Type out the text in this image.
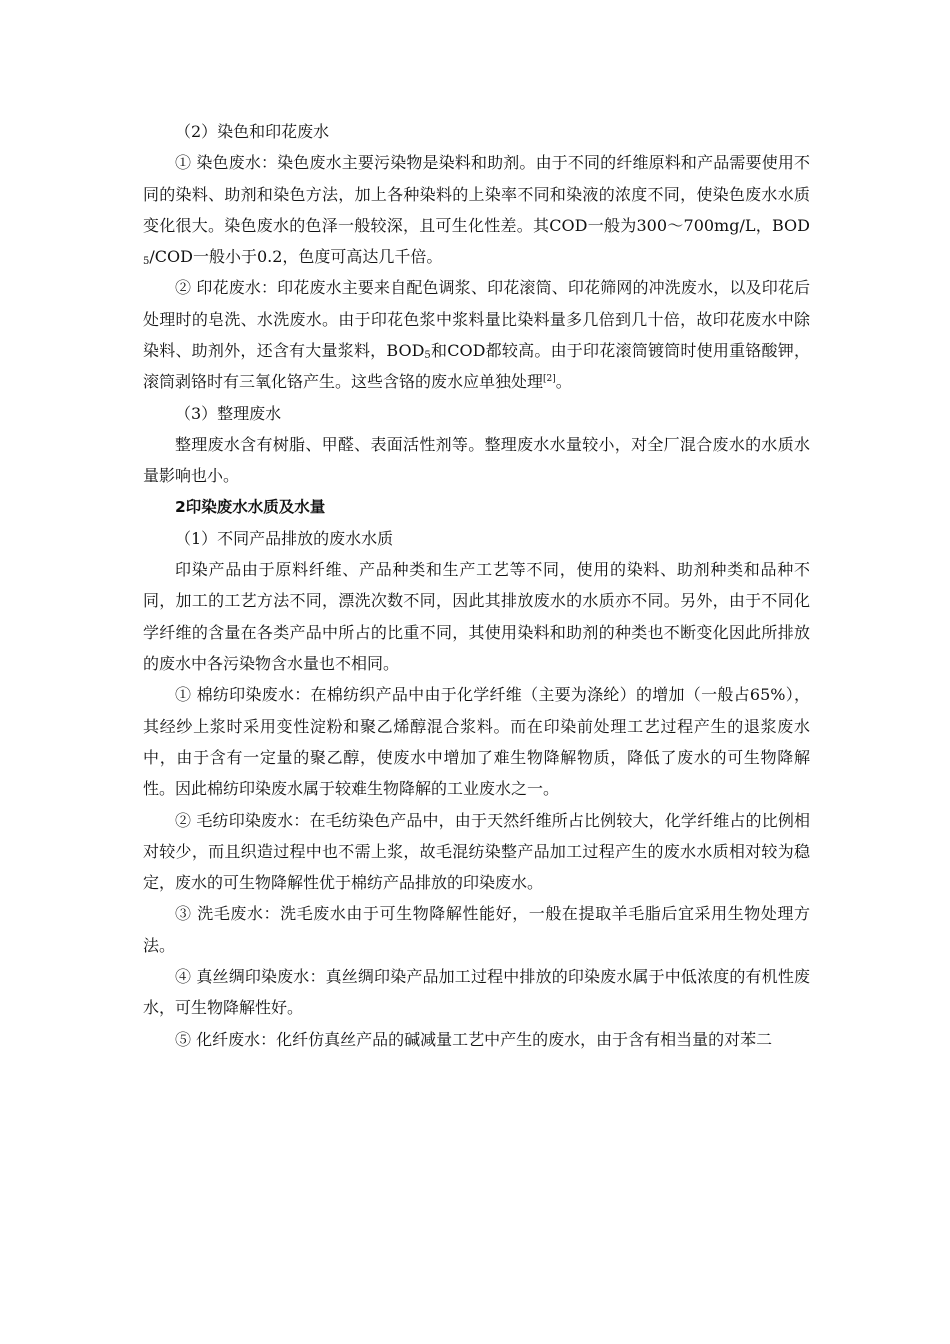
（2）染色和印花废水

① 染色废水：染色废水主要污染物是染料和助剂。由于不同的纤维原料和产品需要使用不同的染料、助剂和染色方法，加上各种染料的上染率不同和染液的浓度不同，使染色废水水质变化很大。染色废水的色泽一般较深，且可生化性差。其COD一般为300～700mg/L，$BOD_5$/COD一般小于0.2，色度可高达几千倍。

② 印花废水：印花废水主要来自配色调浆、印花滚筒、印花筛网的冲洗废水，以及印花后处理时的皂洗、水洗废水。由于印花色浆中浆料量比染料量多几倍到几十倍，故印花废水中除染料、助剂外，还含有大量浆料，$BOD_5$和COD都较高。由于印花滚筒镀筒时使用重铬酸钾，滚筒剥铬时有三氧化铬产生。这些含铬的废水应单独处理[2]。

（3）整理废水

整理废水含有树脂、甲醛、表面活性剂等。整理废水水量较小，对全厂混合废水的水质水量影响也小。

2印染废水水质及水量

（1）不同产品排放的废水水质

印染产品由于原料纤维、产品种类和生产工艺等不同，使用的染料、助剂种类和品种不同，加工的工艺方法不同，漂洗次数不同，因此其排放废水的水质亦不同。另外，由于不同化学纤维的含量在各类产品中所占的比重不同，其使用染料和助剂的种类也不断变化因此所排放的废水中各污染物含水量也不相同。

① 棉纺印染废水：在棉纺织产品中由于化学纤维（主要为涤纶）的增加（一般占65%），其经纱上浆时采用变性淀粉和聚乙烯醇混合浆料。而在印染前处理工艺过程产生的退浆废水中，由于含有一定量的聚乙醇，使废水中增加了难生物降解物质，降低了废水的可生物降解性。因此棉纺印染废水属于较难生物降解的工业废水之一。

② 毛纺印染废水：在毛纺染色产品中，由于天然纤维所占比例较大，化学纤维占的比例相对较少，而且织造过程中也不需上浆，故毛混纺染整产品加工过程产生的废水水质相对较为稳定，废水的可生物降解性优于棉纺产品排放的印染废水。

③ 洗毛废水：洗毛废水由于可生物降解性能好，一般在提取羊毛脂后宜采用生物处理方法。

④ 真丝绸印染废水：真丝绸印染产品加工过程中排放的印染废水属于中低浓度的有机性废水，可生物降解性好。

⑤ 化纤废水：化纤仿真丝产品的碱减量工艺中产生的废水，由于含有相当量的对苯二
